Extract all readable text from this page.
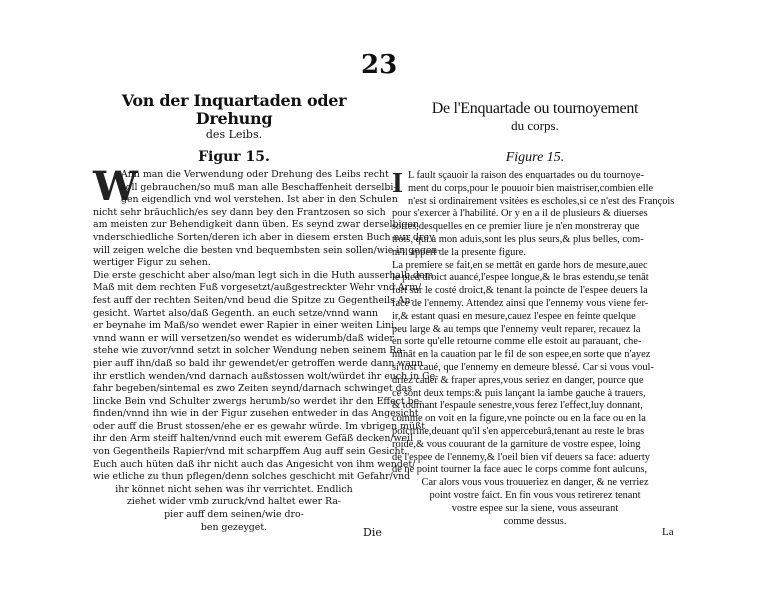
23
Von der Inquartaden oder Drehung
des Leibs.
Figur 15.
W
Ann man die Verwendung oder Drehung des Leibs recht
soll gebrauchen/so muß man alle Beschaffenheit derselbi-
gen eigendlich vnd wol verstehen. Ist aber in den Schulen
nicht sehr bräuchlich/es sey dann bey den Frantzosen so sich
am meisten zur Behendigkeit dann üben. Es seynd zwar derselbigen
vnderschiedliche Sorten/deren ich aber in diesem ersten Buch nur drey
will zeigen welche die besten vnd bequembsten sein sollen/wie in gegen-
wertiger Figur zu sehen.
Die erste geschicht aber also/man legt sich in die Huth ausserhalb dem
Maß mit dem rechten Fuß vorgesetzt/außgestreckter Wehr vnd Arm/
fest auff der rechten Seiten/vnd beud die Spitze zu Gegentheils An-
gesicht. Wartet also/daß Gegenth. an euch setze/vnnd wann
er beynahe im Maß/so wendet ewer Rapier in einer weiten Lini,
vnnd wann er will versetzen/so wendet es widerumb/daß wider
stehe wie zuvor/vnnd setzt in solcher Wendung neben seinem Ra-
pier auff ihn/daß so bald ihr gewendet/er getroffen werde dann wann
ihr erstlich wenden/vnd darnach außstossen wolt/würdet ihr euch in Ge-
fahr begeben/sintemal es zwo Zeiten seynd/darnach schwinget das
lincke Bein vnd Schulter zwergs herumb/so werdet ihr den Effect be-
finden/vnnd ihn wie in der Figur zusehen entweder in das Angesicht
oder auff die Brust stossen/ehe er es gewahr würde. Im vbrigen müßt
ihr den Arm steiff halten/vnnd euch mit ewerem Gefäß decken/weil
von Gegentheils Rapier/vnd mit scharpffem Aug auff sein Gesicht.
Euch auch hüten daß ihr nicht auch das Angesicht von ihm wendet/
wie etliche zu thun pflegen/denn solches geschicht mit Gefahr/vnd
ihr könnet nicht sehen was ihr verrichtet. Endlich
ziehet wider vmb zuruck/vnd haltet ewer Ra-
pier auff dem seinen/wie dro-
ben gezeyget.	Die
De l'Enquartade ou tournoyement
du corps.
Figure 15.
I L fault sçauoir la raison des enquartades ou du tournoye-
ment du corps,pour le pouuoir bien maistriser,combien elle
n'est si ordinairement vsitées es escholes,si ce n'est des François
pour s'exercer à l'habilité. Or y en a il de plusieurs & diuerses
sortes,desquelles en ce premier liure je n'en monstreray que
trois, qui à mon aduis,sont les plus seurs,& plus belles, com-
m'il appert de la presente figure.
La premiere se fait,en se mettât en garde hors de mesure,auec
le pied droict auancé,l'espee longue,& le bras estendu,se tenât
fort sur le costé droict,& tenant la poincte de l'espee deuers la
face de l'ennemy. Attendez ainsi que l'ennemy vous viene fer-
ir,& estant quasi en mesure,cauez l'espee en feinte quelque
peu large & au temps que l'ennemy veult reparer, recauez la
en sorte qu'elle retourne comme elle estoit au parauant, che-
minât en la cauation par le fil de son espee,en sorte que n'ayez
si tost caué, que l'ennemy en demeure blessé. Car si vous voul-
driez cauer & fraper apres,vous seriez en danger, pource que
ce sont deux temps:& puis lançant la iambe gauche à trauers,
& tournant l'espaule senestre,vous ferez l'effect,luy donnant,
comme on voit en la figure,vne poincte ou en la face ou en la
poictrine,deuant qu'il s'en apperceburâ,tenant au reste le bras
roide,& vous couurant de la garniture de vostre espee, loing
de l'espee de l'ennemy,& l'oeil bien vif deuers sa face: aduerty
de ne point tourner la face auec le corps comme font aulcuns,
Car alors vous vous trouueriez en danger, & ne verriez
point vostre faict. En fin vous vous retirerez tenant
vostre espee sur la siene, vous asseurant
comme dessus.
La
